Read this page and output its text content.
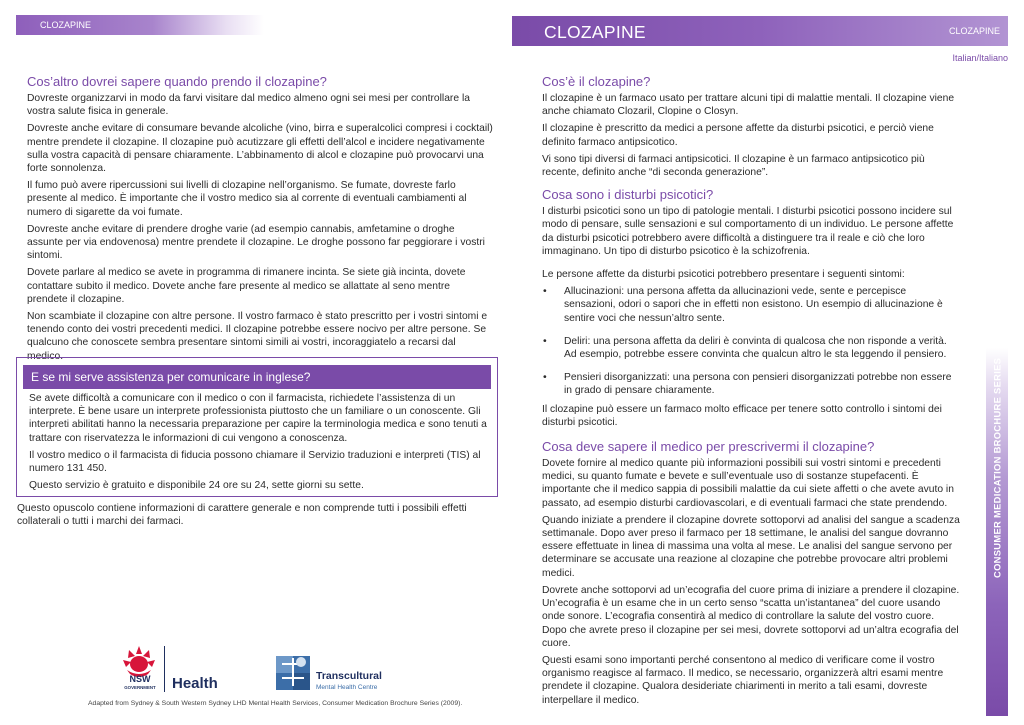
CLOZAPINE
Cos’altro dovrei sapere quando prendo il clozapine?

Dovreste organizzarvi in modo da farvi visitare dal medico almeno ogni sei mesi per controllare la vostra salute fisica in generale.

Dovreste anche evitare di consumare bevande alcoliche (vino, birra e superalcolici compresi i cocktail) mentre prendete il clozapine. Il clozapine può acutizzare gli effetti dell’alcol e incidere negativamente sulla vostra capacità di pensare chiaramente. L’abbinamento di alcol e clozapine può provocarvi una forte sonnolenza.

Il fumo può avere ripercussioni sui livelli di clozapine nell’organismo. Se fumate, dovreste farlo presente al medico. È importante che il vostro medico sia al corrente di eventuali cambiamenti al numero di sigarette da voi fumate.

Dovreste anche evitare di prendere droghe varie (ad esempio cannabis, amfetamine o droghe assunte per via endovenosa) mentre prendete il clozapine. Le droghe possono far peggiorare i vostri sintomi.

Dovete parlare al medico se avete in programma di rimanere incinta. Se siete già incinta, dovete contattare subito il medico. Dovete anche fare presente al medico se allattate al seno mentre prendete il clozapine.

Non scambiate il clozapine con altre persone. Il vostro farmaco è stato prescritto per i vostri sintomi e tenendo conto dei vostri precedenti medici. Il clozapine potrebbe essere nocivo per altre persone. Se qualcuno che conoscete sembra presentare sintomi simili ai vostri, incoraggiatelo a recarsi dal medico.

E se mi serve assistenza per comunicare in inglese?

Se avete difficoltà a comunicare con il medico o con il farmacista, richiedete l’assistenza di un interprete. È bene usare un interprete professionista piuttosto che un familiare o un conoscente. Gli interpreti abilitati hanno la necessaria preparazione per capire la terminologia medica e sono tenuti a trattare con riservatezza le informazioni di cui vengono a conoscenza.

Il vostro medico o il farmacista di fiducia possono chiamare il Servizio traduzioni e interpreti (TIS) al numero 131 450.

Questo servizio è gratuito e disponibile 24 ore su 24, sette giorni su sette.

Questo opuscolo contiene informazioni di carattere generale e non comprende tutti i possibili effetti collaterali o tutti i marchi dei farmaci.
NSW
GOVERNMENT	Health	Transcultural
Mental Health Centre
Adapted from Sydney & South Western Sydney LHD Mental Health Services, Consumer Medication Brochure Series (2009).
CLOZAPINE	CLOZAPINE
Italian/Italiano
Cos’è il clozapine?

Il clozapine è un farmaco usato per trattare alcuni tipi di malattie mentali. Il clozapine viene anche chiamato Clozaril, Clopine o Closyn.

Il clozapine è prescritto da medici a persone affette da disturbi psicotici, e perciò viene definito farmaco antipsicotico.

Vi sono tipi diversi di farmaci antipsicotici. Il clozapine è un farmaco antipsicotico più recente, definito anche “di seconda generazione”.

Cosa sono i disturbi psicotici?

I disturbi psicotici sono un tipo di patologie mentali. I disturbi psicotici possono incidere sul modo di pensare, sulle sensazioni e sul comportamento di un individuo. Le persone affette da disturbi psicotici potrebbero avere difficoltà a distinguere tra il reale e ciò che loro immaginano. Un tipo di disturbo psicotico è la schizofrenia.

Le persone affette da disturbi psicotici potrebbero presentare i seguenti sintomi:

• Allucinazioni: una persona affetta da allucinazioni vede, sente e percepisce sensazioni, odori o sapori che in effetti non esistono. Un esempio di allucinazione è sentire voci che nessun’altro sente.
• Deliri: una persona affetta da deliri è convinta di qualcosa che non risponde a verità. Ad esempio, potrebbe essere convinta che qualcun altro le sta leggendo il pensiero.
• Pensieri disorganizzati: una persona con pensieri disorganizzati potrebbe non essere in grado di pensare chiaramente.

Il clozapine può essere un farmaco molto efficace per tenere sotto controllo i sintomi dei disturbi psicotici.

Cosa deve sapere il medico per prescrivermi il clozapine?

Dovete fornire al medico quante più informazioni possibili sui vostri sintomi e precedenti medici, su quanto fumate e bevete e sull’eventuale uso di sostanze stupefacenti. È importante che il medico sappia di possibili malattie da cui siete affetti o che avete avuto in passato, ad esempio disturbi cardiovascolari, e di eventuali farmaci che state prendendo.

Quando iniziate a prendere il clozapine dovrete sottoporvi ad analisi del sangue a scadenza settimanale. Dopo aver preso il farmaco per 18 settimane, le analisi del sangue dovranno essere effettuate in linea di massima una volta al mese. Le analisi del sangue servono per determinare se accusate una reazione al clozapine che potrebbe provocare altri problemi medici.

Dovrete anche sottoporvi ad un’ecografia del cuore prima di iniziare a prendere il clozapine. Un’ecografia è un esame che in un certo senso “scatta un’istantanea” del cuore usando onde sonore. L’ecografia consentirà al medico di controllare la salute del vostro cuore. Dopo che avrete preso il clozapine per sei mesi, dovrete sottoporvi ad un’altra ecografia del cuore.

Questi esami sono importanti perché consentono al medico di verificare come il vostro organismo reagisce al farmaco. Il medico, se necessario, organizzerà altri esami mentre prendete il clozapine. Qualora desideriate chiarimenti in merito a tali esami, dovreste interpellare il medico.

CONSUMER MEDICATION BROCHURE SERIES
